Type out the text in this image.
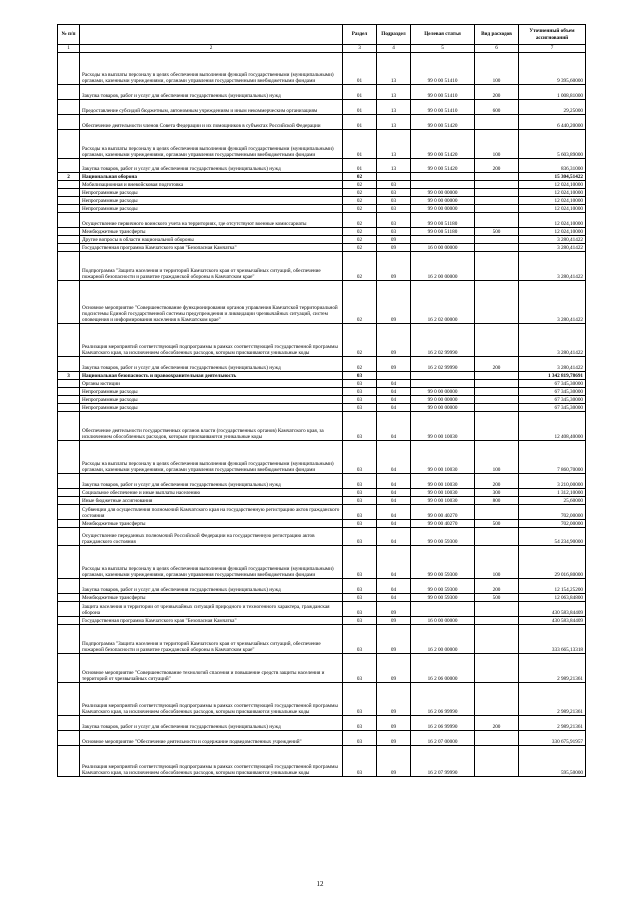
№ п/п		Раздел	Подраздел	Целевая статья	Вид расходов	Уточненный объем ассигнований
1	2	3	4	5	6	7
	Расходы на выплаты персоналу в целях обеспечения выполнения функций государственными (муниципальными) органами, казенными учреждениями, органами управления государственными внебюджетными фондами	01	13	99 0 00 51410	100	9 395,60000
	Закупка товаров, работ и услуг для обеспечения государственных (муниципальных) нужд	01	13	99 0 00 51410	200	1 008,81000
	Предоставление субсидий бюджетным, автономным учреждениям и иным некоммерческим организациям	01	13	99 0 00 51410	600	29,25000
	Обеспечение деятельности членов Совета Федерации и их помощников в субъектах Российской Федерации	01	13	99 0 00 51420		6 440,20000
	Расходы на выплаты персоналу в целях обеспечения выполнения функций государственными (муниципальными) органами, казенными учреждениями, органами управления государственными внебюджетными фондами	01	13	99 0 00 51420	100	5 603,89000
	Закупка товаров, работ и услуг для обеспечения государственных (муниципальных) нужд	01	13	99 0 00 51420	200	836,31000
2	Национальная оборона	02				15 304,51422
	Мобилизационная и вневойсковая подготовка	02	03			12 024,10000
	Непрограммные расходы	02	03	99 0 00 00000		12 024,10000
	Непрограммные расходы	02	03	99 0 00 00000		12 024,10000
	Непрограммные расходы	02	03	99 0 00 00000		12 024,10000
	Осуществление первичного воинского учета на территориях, где отсутствуют военные комиссариаты	02	03	99 0 00 51180		12 024,10000
	Межбюджетные трансферты	02	03	99 0 00 51180	500	12 024,10000
	Другие вопросы в области национальной обороны	02	09			3 280,41422
	Государственная программа Камчатского края "Безопасная Камчатка"	02	09	16 0 00 00000		3 280,41422
	Подпрограмма "Защита населения и территорий Камчатского края от чрезвычайных ситуаций, обеспечение пожарной безопасности и развитие гражданской обороны в Камчатском крае"	02	09	16 2 00 00000		3 280,41422
	Основное мероприятие "Совершенствование функционирования органов управления Камчатской территориальной подсистемы Единой государственной системы предупреждения и ликвидации чрезвычайных ситуаций, систем оповещения и информирования населения в Камчатском крае"	02	09	16 2 02 00000		3 280,41422
	Реализация мероприятий соответствующей подпрограммы в рамках соответствующей государственной программы Камчатского края, за исключением обособленных расходов, которым присваиваются уникальные коды	02	09	16 2 02 99990		3 280,41422
	Закупка товаров, работ и услуг для обеспечения государственных (муниципальных) нужд	02	09	16 2 02 99990	200	3 280,41422
3	Национальная безопасность и правоохранительная деятельность	03				1 342 819,78691
	Органы юстиции	03	04			67 345,30000
	Непрограммные расходы	03	04	99 0 00 00000		67 345,30000
	Непрограммные расходы	03	04	99 0 00 00000		67 345,30000
	Непрограммные расходы	03	04	99 0 00 00000		67 345,30000
	Обеспечение деятельности государственных органов власти (государственных органов) Камчатского края, за исключением обособленных расходов, которым присваиваются уникальные коды	03	04	99 0 00 10030		12 408,40000
	Расходы на выплаты персоналу в целях обеспечения выполнения функций государственными (муниципальными) органами, казенными учреждениями, органами управления государственными внебюджетными фондами	03	04	99 0 00 10030	100	7 860,70000
	Закупка товаров, работ и услуг для обеспечения государственных (муниципальных) нужд	03	04	99 0 00 10030	200	3 210,00000
	Социальное обеспечение и иные выплаты населению	03	04	99 0 00 10030	300	1 312,10000
	Иные бюджетные ассигнования	03	04	99 0 00 10030	800	25,60000
	Субвенции для осуществления полномочий Камчатского края на государственную регистрацию актов гражданского состояния	03	04	99 0 00 40270		702,00000
	Межбюджетные трансферты	03	04	99 0 00 40270	500	702,00000
	Осуществление переданных полномочий Российской Федерации на государственную регистрацию актов гражданского состояния	03	04	99 0 00 59300		54 234,90000
	Расходы на выплаты персоналу в целях обеспечения выполнения функций государственными (муниципальными) органами, казенными учреждениями, органами управления государственными внебюджетными фондами	03	04	99 0 00 59300	100	29 016,80000
	Закупка товаров, работ и услуг для обеспечения государственных (муниципальных) нужд	03	04	99 0 00 59300	200	12 154,25200
	Межбюджетные трансферты	03	04	99 0 00 59300	500	12 063,84800
	Защита населения и территории от чрезвычайных ситуаций природного и техногенного характера, гражданская оборона	03	09			430 583,84409
	Государственная программа Камчатского края "Безопасная Камчатка"	03	09	16 0 00 00000		430 583,84409
	Подпрограмма "Защита населения и территорий Камчатского края от чрезвычайных ситуаций, обеспечение пожарной безопасности и развитие гражданской обороны в Камчатском крае"	03	09	16 2 00 00000		333 665,13318
	Основное мероприятие "Совершенствование технологий спасения и повышение средств защиты населения и территорий от чрезвычайных ситуаций"	03	09	16 2 06 00000		2 989,21361
	Реализация мероприятий соответствующей подпрограммы в рамках соответствующей государственной программы Камчатского края, за исключением обособленных расходов, которым присваиваются уникальные коды	03	09	16 2 06 99990		2 989,21361
	Закупка товаров, работ и услуг для обеспечения государственных (муниципальных) нужд	03	09	16 2 06 99990	200	2 989,21361
	Основное мероприятие "Обеспечение деятельности и содержание подведомственных учреждений"	03	09	16 2 07 00000		330 675,91957
	Реализация мероприятий соответствующей подпрограммы в рамках соответствующей государственной программы Камчатского края, за исключением обособленных расходов, которым присваиваются уникальные коды	03	09	16 2 07 99990		595,50000
12
